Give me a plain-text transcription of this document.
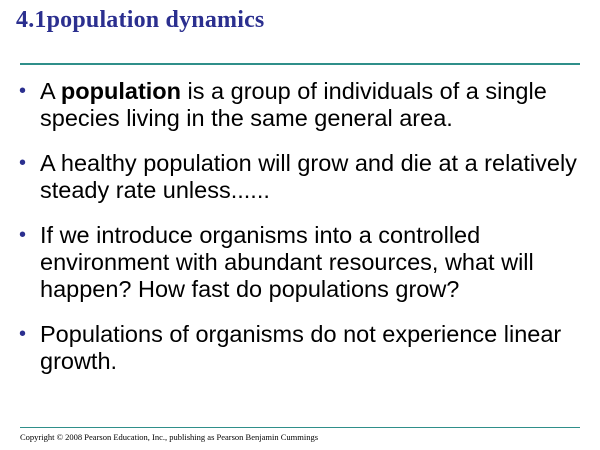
4.1population dynamics
• A population is a group of individuals of a single species living in the same general area.
• A healthy population will grow and die at a relatively steady rate unless......
• If we introduce organisms into a controlled environment with abundant resources, what will happen? How fast do populations grow?
• Populations of organisms do not experience linear growth.
Copyright © 2008 Pearson Education, Inc., publishing as Pearson Benjamin Cummings
